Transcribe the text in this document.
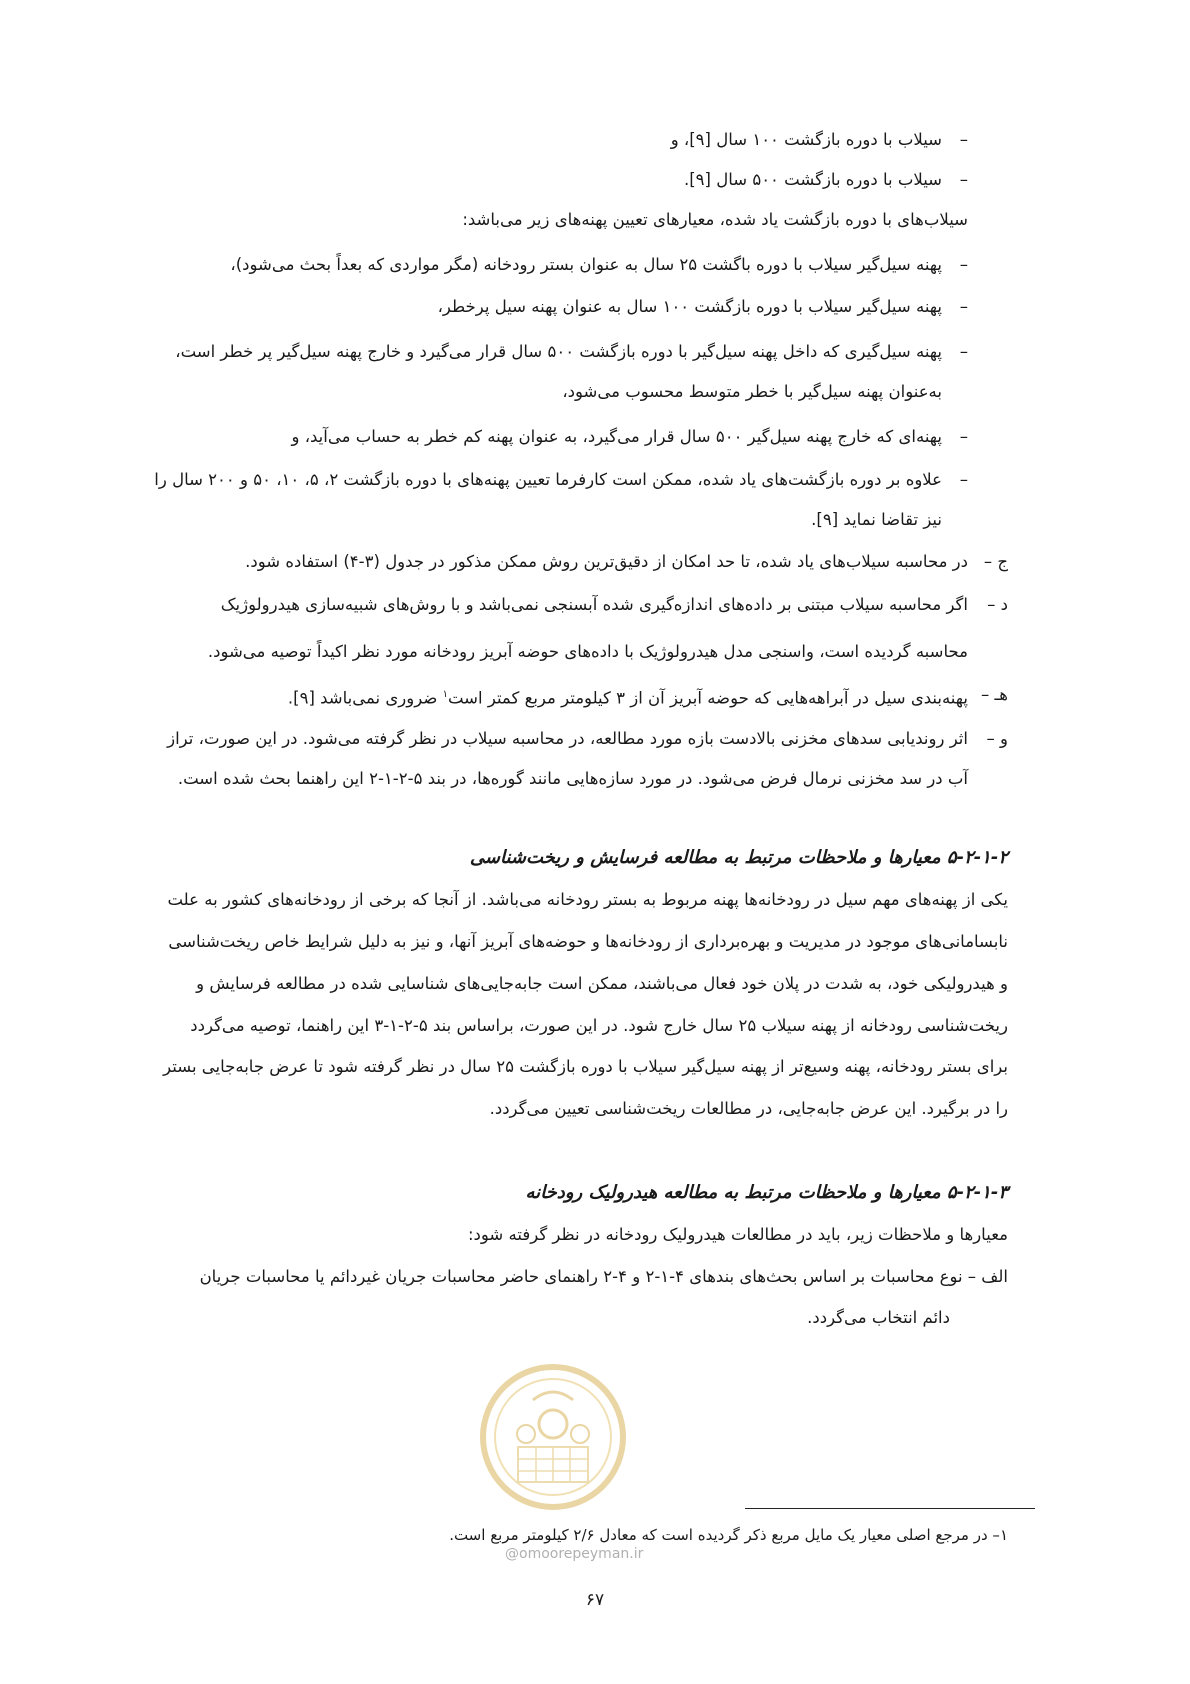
–
سیلاب با دوره بازگشت ۱۰۰ سال [۹]، و
–
سیلاب با دوره بازگشت ۵۰۰ سال [۹].
سیلاب‌های با دوره بازگشت یاد شده، معیارهای تعیین پهنه‌های زیر می‌باشد:
–
پهنه سیل‌گیر سیلاب با دوره باگشت ۲۵ سال به عنوان بستر رودخانه (مگر مواردی که بعداً بحث می‌شود)،
–
پهنه سیل‌گیر سیلاب با دوره بازگشت ۱۰۰ سال به عنوان پهنه سیل پرخطر،
–
پهنه سیل‌گیری که داخل پهنه سیل‌گیر با دوره بازگشت ۵۰۰ سال قرار می‌گیرد و خارج پهنه سیل‌گیر پر خطر است،
به‌عنوان پهنه سیل‌گیر با خطر متوسط محسوب می‌شود،
–
پهنه‌ای که خارج پهنه سیل‌گیر ۵۰۰ سال قرار می‌گیرد، به عنوان پهنه کم خطر به حساب می‌آید، و
–
علاوه بر دوره بازگشت‌های یاد شده، ممکن است کارفرما تعیین پهنه‌های با دوره بازگشت ۲، ۵، ۱۰، ۵۰ و ۲۰۰ سال را
نیز تقاضا نماید [۹].
ج –
در محاسبه سیلاب‌های یاد شده، تا حد امکان از دقیق‌ترین روش ممکن مذکور در جدول (۳-۴) استفاده شود.
د –
اگر محاسبه سیلاب مبتنی بر داده‌های اندازه‌گیری شده آبسنجی نمی‌باشد و با روش‌های شبیه‌سازی هیدرولوژیک
محاسبه گردیده است، واسنجی مدل هیدرولوژیک با داده‌های حوضه آبریز رودخانه مورد نظر اکیداً توصیه می‌شود.
هـ –
پهنه‌بندی سیل در آبراهه‌هایی که حوضه آبریز آن از ۳ کیلومتر مربع کمتر است$^۱$ ضروری نمی‌باشد [۹].
و –
اثر روندیابی سدهای مخزنی بالادست بازه مورد مطالعه، در محاسبه سیلاب در نظر گرفته می‌شود. در این صورت، تراز
آب در سد مخزنی نرمال فرض می‌شود. در مورد سازه‌هایی مانند گوره‌ها، در بند ۵-۲-۱-۲ این راهنما بحث شده است.
۵-۲-۱-۲ معیارها و ملاحظات مرتبط به مطالعه فرسایش و ریخت‌شناسی
یکی از پهنه‌های مهم سیل در رودخانه‌ها پهنه مربوط به بستر رودخانه می‌باشد. از آنجا که برخی از رودخانه‌های کشور به علت
نابسامانی‌های موجود در مدیریت و بهره‌برداری از رودخانه‌ها و حوضه‌های آبریز آنها، و نیز به دلیل شرایط خاص ریخت‌شناسی
و هیدرولیکی خود، به شدت در پلان خود فعال می‌باشند، ممکن است جابه‌جایی‌های شناسایی شده در مطالعه فرسایش و
ریخت‌شناسی رودخانه از پهنه سیلاب ۲۵ سال خارج شود. در این صورت، براساس بند ۵-۲-۱-۳ این راهنما، توصیه می‌گردد
برای بستر رودخانه، پهنه وسیع‌تر از پهنه سیل‌گیر سیلاب با دوره بازگشت ۲۵ سال در نظر گرفته شود تا عرض جابه‌جایی بستر
را در برگیرد. این عرض جابه‌جایی، در مطالعات ریخت‌شناسی تعیین می‌گردد.
۵-۲-۱-۳ معیارها و ملاحظات مرتبط به مطالعه هیدرولیک رودخانه
معیارها و ملاحظات زیر، باید در مطالعات هیدرولیک رودخانه در نظر گرفته شود:
الف – نوع محاسبات بر اساس بحث‌های بندهای ۴-۱-۲ و ۴-۲ راهنمای حاضر محاسبات جریان غیردائم یا محاسبات جریان
دائم انتخاب می‌گردد.
۱– در مرجع اصلی معیار یک مایل مربع ذکر گردیده است که معادل ۲/۶ کیلومتر مربع است.
@omoorepeyman.ir
۶۷
